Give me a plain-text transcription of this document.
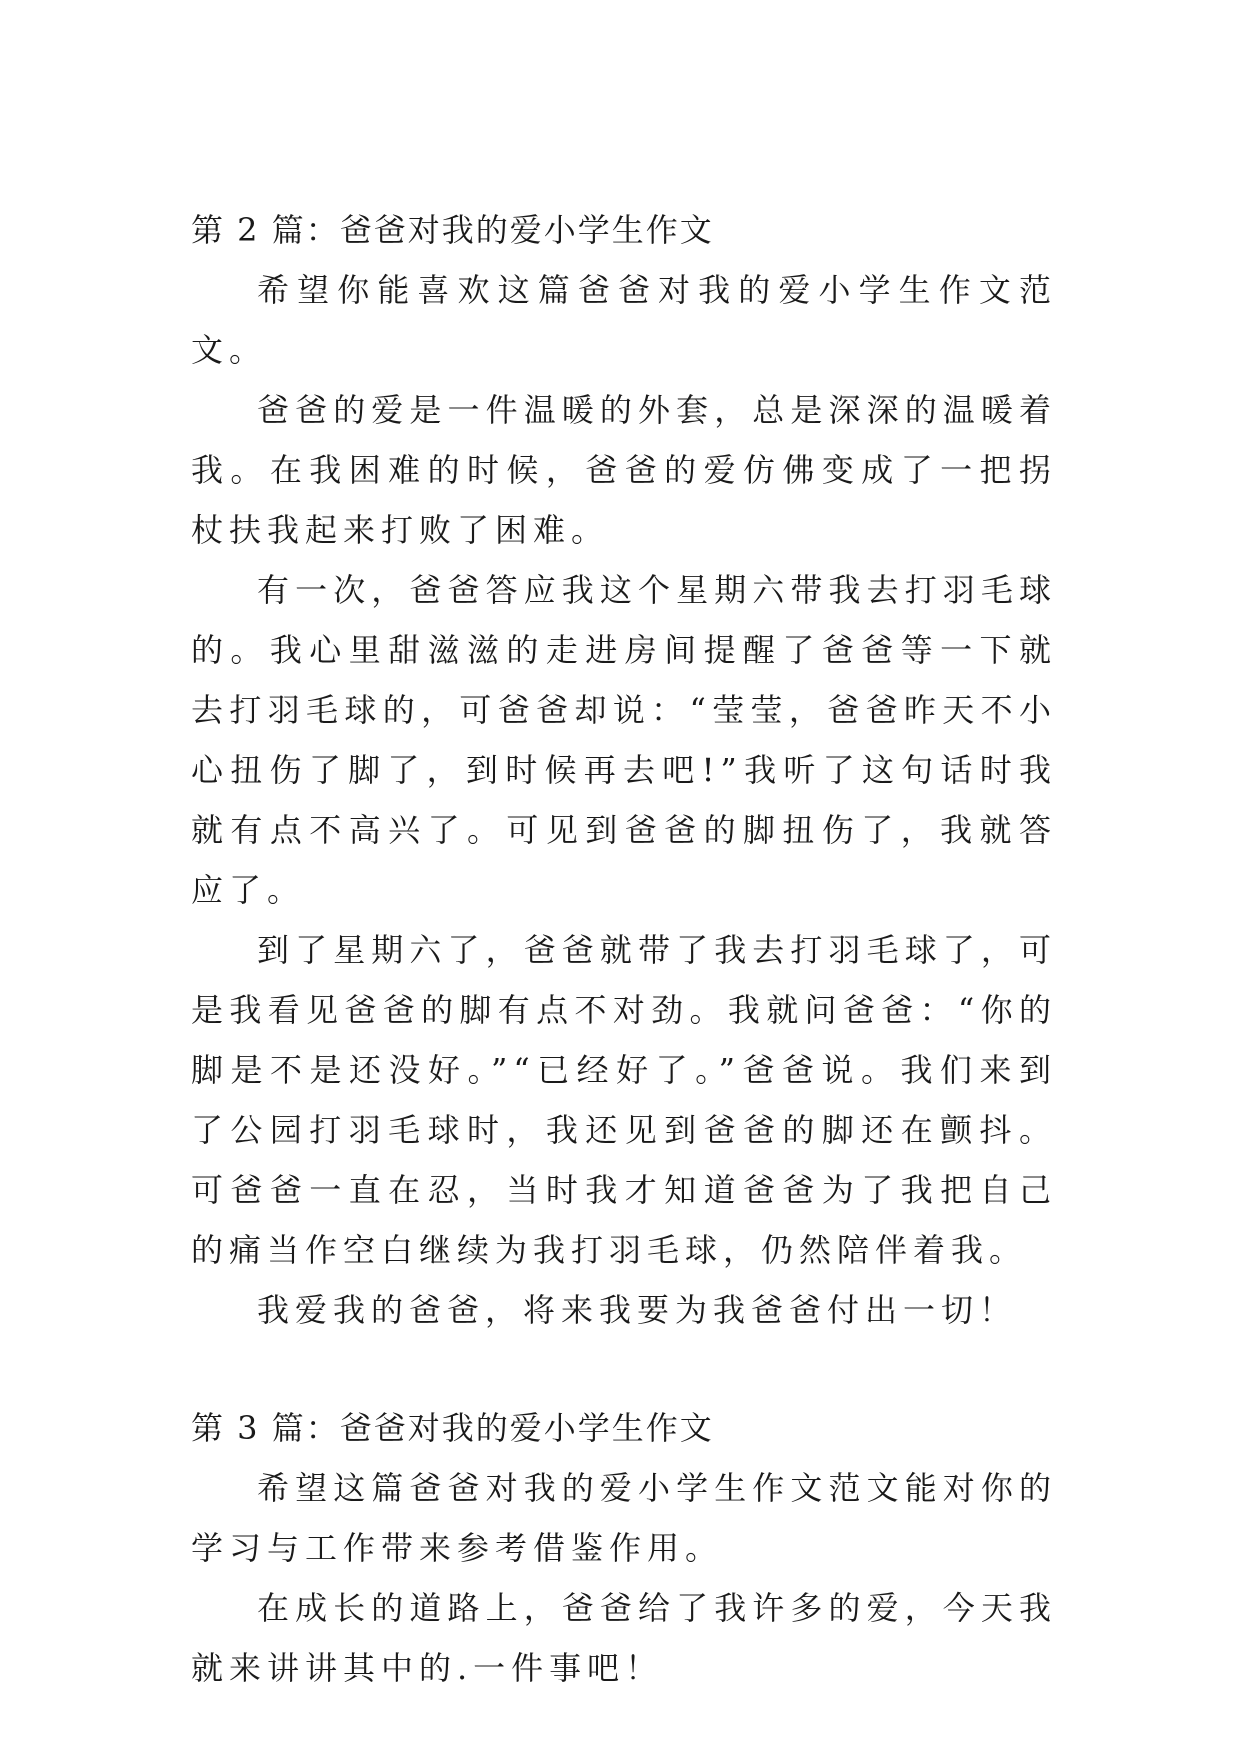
第 2 篇：爸爸对我的爱小学生作文

希望你能喜欢这篇爸爸对我的爱小学生作文范文。

爸爸的爱是一件温暖的外套，总是深深的温暖着我。在我困难的时候，爸爸的爱仿佛变成了一把拐杖扶我起来打败了困难。

有一次，爸爸答应我这个星期六带我去打羽毛球的。我心里甜滋滋的走进房间提醒了爸爸等一下就去打羽毛球的，可爸爸却说：“莹莹，爸爸昨天不小心扭伤了脚了，到时候再去吧!”我听了这句话时我就有点不高兴了。可见到爸爸的脚扭伤了，我就答应了。

到了星期六了，爸爸就带了我去打羽毛球了，可是我看见爸爸的脚有点不对劲。我就问爸爸：“你的脚是不是还没好。”“已经好了。”爸爸说。我们来到了公园打羽毛球时，我还见到爸爸的脚还在颤抖。可爸爸一直在忍，当时我才知道爸爸为了我把自己的痛当作空白继续为我打羽毛球，仍然陪伴着我。

我爱我的爸爸，将来我要为我爸爸付出一切！

第 3 篇：爸爸对我的爱小学生作文

希望这篇爸爸对我的爱小学生作文范文能对你的学习与工作带来参考借鉴作用。

在成长的道路上，爸爸给了我许多的爱，今天我就来讲讲其中的.一件事吧！
